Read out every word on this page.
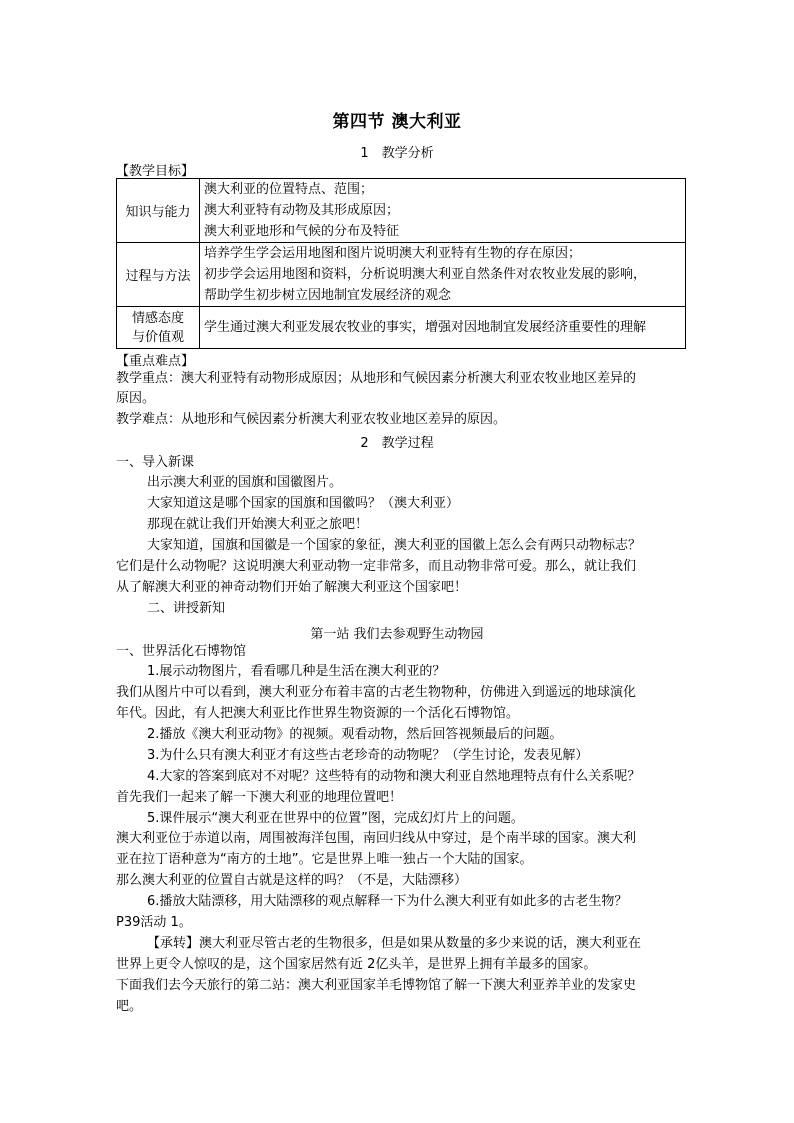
第四节 澳大利亚
1　教学分析
【教学目标】
知识与能力	澳大利亚的位置特点、范围；
澳大利亚特有动物及其形成原因；
澳大利亚地形和气候的分布及特征

过程与方法	培养学生学会运用地图和图片说明澳大利亚特有生物的存在原因；
初步学会运用地图和资料，分析说明澳大利亚自然条件对农牧业发展的影响，
帮助学生初步树立因地制宜发展经济的观念

情感态度
与价值观	学生通过澳大利亚发展农牧业的事实，增强对因地制宜发展经济重要性的理解
【重点难点】
教学重点：澳大利亚特有动物形成原因；从地形和气候因素分析澳大利亚农牧业地区差异的
原因。
教学难点：从地形和气候因素分析澳大利亚农牧业地区差异的原因。
2　教学过程
一、导入新课
出示澳大利亚的国旗和国徽图片。
大家知道这是哪个国家的国旗和国徽吗？（澳大利亚）
那现在就让我们开始澳大利亚之旅吧！
大家知道，国旗和国徽是一个国家的象征，澳大利亚的国徽上怎么会有两只动物标志？
它们是什么动物呢？这说明澳大利亚动物一定非常多，而且动物非常可爱。那么，就让我们
从了解澳大利亚的神奇动物们开始了解澳大利亚这个国家吧！
二、讲授新知
第一站 我们去参观野生动物园
一、世界活化石博物馆
1.展示动物图片，看看哪几种是生活在澳大利亚的？
我们从图片中可以看到，澳大利亚分布着丰富的古老生物物种，仿佛进入到遥远的地球演化
年代。因此，有人把澳大利亚比作世界生物资源的一个活化石博物馆。
2.播放《澳大利亚动物》的视频。观看动物，然后回答视频最后的问题。
3.为什么只有澳大利亚才有这些古老珍奇的动物呢？（学生讨论，发表见解）
4.大家的答案到底对不对呢？这些特有的动物和澳大利亚自然地理特点有什么关系呢？
首先我们一起来了解一下澳大利亚的地理位置吧！
5.课件展示“澳大利亚在世界中的位置”图，完成幻灯片上的问题。
澳大利亚位于赤道以南，周围被海洋包围，南回归线从中穿过，是个南半球的国家。澳大利
亚在拉丁语种意为“南方的土地”。它是世界上唯一独占一个大陆的国家。
那么澳大利亚的位置自古就是这样的吗？（不是，大陆漂移）
6.播放大陆漂移，用大陆漂移的观点解释一下为什么澳大利亚有如此多的古老生物？
P39活动 1。
【承转】澳大利亚尽管古老的生物很多，但是如果从数量的多少来说的话，澳大利亚在
世界上更令人惊叹的是，这个国家居然有近 2亿头羊，是世界上拥有羊最多的国家。
下面我们去今天旅行的第二站：澳大利亚国家羊毛博物馆了解一下澳大利亚养羊业的发家史
吧。
